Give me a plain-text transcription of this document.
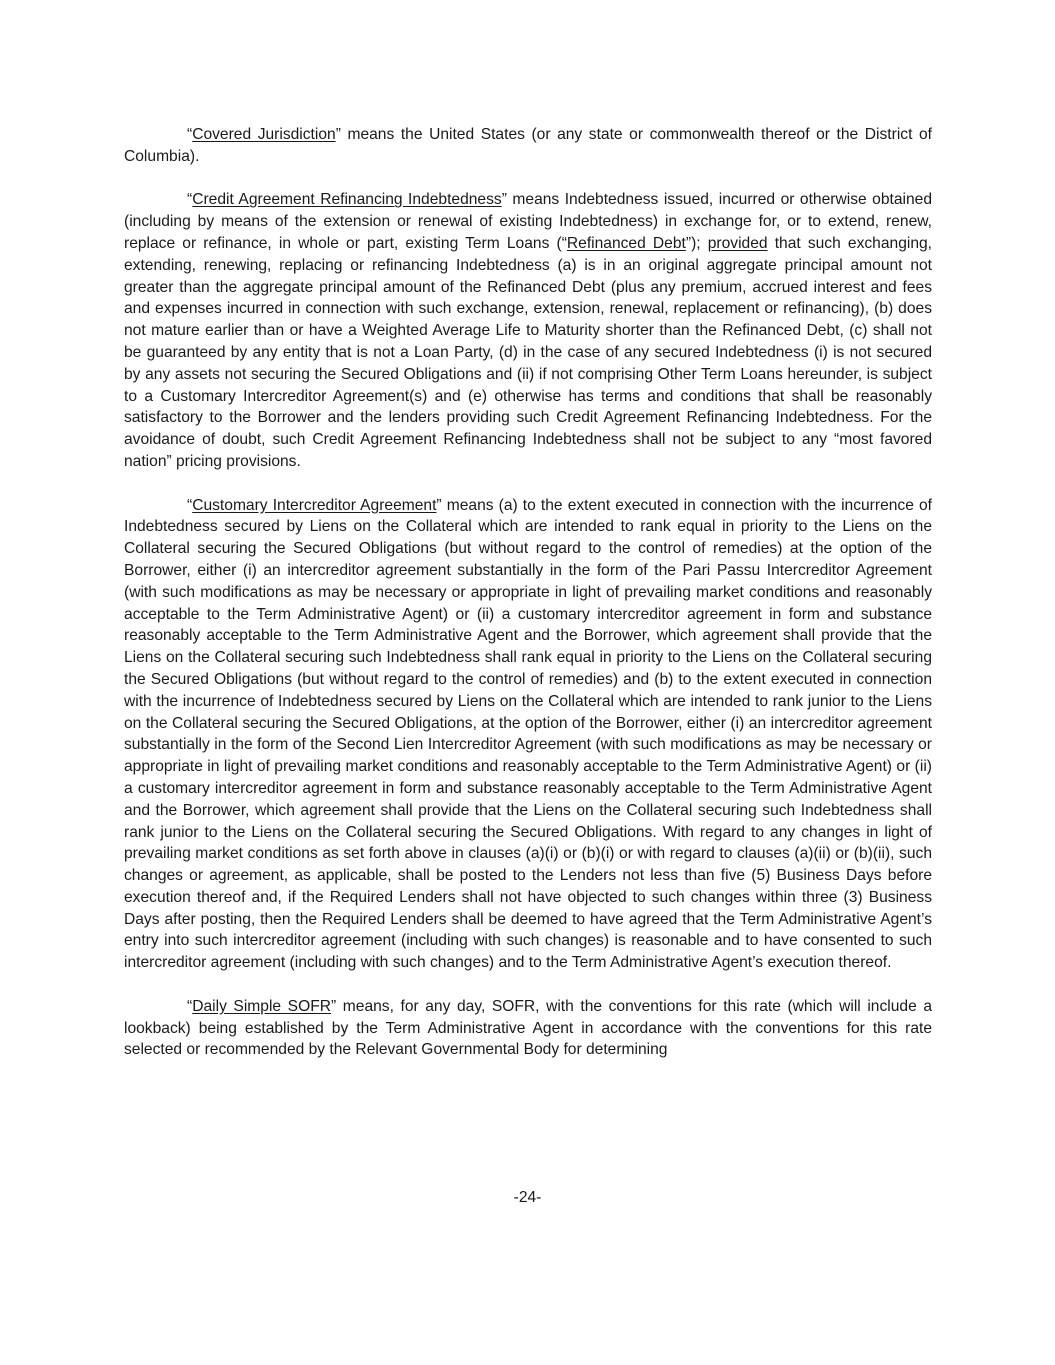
“Covered Jurisdiction” means the United States (or any state or commonwealth thereof or the District of Columbia).

“Credit Agreement Refinancing Indebtedness” means Indebtedness issued, incurred or otherwise obtained (including by means of the extension or renewal of existing Indebtedness) in exchange for, or to extend, renew, replace or refinance, in whole or part, existing Term Loans (“Refinanced Debt”); provided that such exchanging, extending, renewing, replacing or refinancing Indebtedness (a) is in an original aggregate principal amount not greater than the aggregate principal amount of the Refinanced Debt (plus any premium, accrued interest and fees and expenses incurred in connection with such exchange, extension, renewal, replacement or refinancing), (b) does not mature earlier than or have a Weighted Average Life to Maturity shorter than the Refinanced Debt, (c) shall not be guaranteed by any entity that is not a Loan Party, (d) in the case of any secured Indebtedness (i) is not secured by any assets not securing the Secured Obligations and (ii) if not comprising Other Term Loans hereunder, is subject to a Customary Intercreditor Agreement(s) and (e) otherwise has terms and conditions that shall be reasonably satisfactory to the Borrower and the lenders providing such Credit Agreement Refinancing Indebtedness. For the avoidance of doubt, such Credit Agreement Refinancing Indebtedness shall not be subject to any “most favored nation” pricing provisions.

“Customary Intercreditor Agreement” means (a) to the extent executed in connection with the incurrence of Indebtedness secured by Liens on the Collateral which are intended to rank equal in priority to the Liens on the Collateral securing the Secured Obligations (but without regard to the control of remedies) at the option of the Borrower, either (i) an intercreditor agreement substantially in the form of the Pari Passu Intercreditor Agreement (with such modifications as may be necessary or appropriate in light of prevailing market conditions and reasonably acceptable to the Term Administrative Agent) or (ii) a customary intercreditor agreement in form and substance reasonably acceptable to the Term Administrative Agent and the Borrower, which agreement shall provide that the Liens on the Collateral securing such Indebtedness shall rank equal in priority to the Liens on the Collateral securing the Secured Obligations (but without regard to the control of remedies) and (b) to the extent executed in connection with the incurrence of Indebtedness secured by Liens on the Collateral which are intended to rank junior to the Liens on the Collateral securing the Secured Obligations, at the option of the Borrower, either (i) an intercreditor agreement substantially in the form of the Second Lien Intercreditor Agreement (with such modifications as may be necessary or appropriate in light of prevailing market conditions and reasonably acceptable to the Term Administrative Agent) or (ii) a customary intercreditor agreement in form and substance reasonably acceptable to the Term Administrative Agent and the Borrower, which agreement shall provide that the Liens on the Collateral securing such Indebtedness shall rank junior to the Liens on the Collateral securing the Secured Obligations. With regard to any changes in light of prevailing market conditions as set forth above in clauses (a)(i) or (b)(i) or with regard to clauses (a)(ii) or (b)(ii), such changes or agreement, as applicable, shall be posted to the Lenders not less than five (5) Business Days before execution thereof and, if the Required Lenders shall not have objected to such changes within three (3) Business Days after posting, then the Required Lenders shall be deemed to have agreed that the Term Administrative Agent’s entry into such intercreditor agreement (including with such changes) is reasonable and to have consented to such intercreditor agreement (including with such changes) and to the Term Administrative Agent’s execution thereof.

“Daily Simple SOFR” means, for any day, SOFR, with the conventions for this rate (which will include a lookback) being established by the Term Administrative Agent in accordance with the conventions for this rate selected or recommended by the Relevant Governmental Body for determining

-24-
